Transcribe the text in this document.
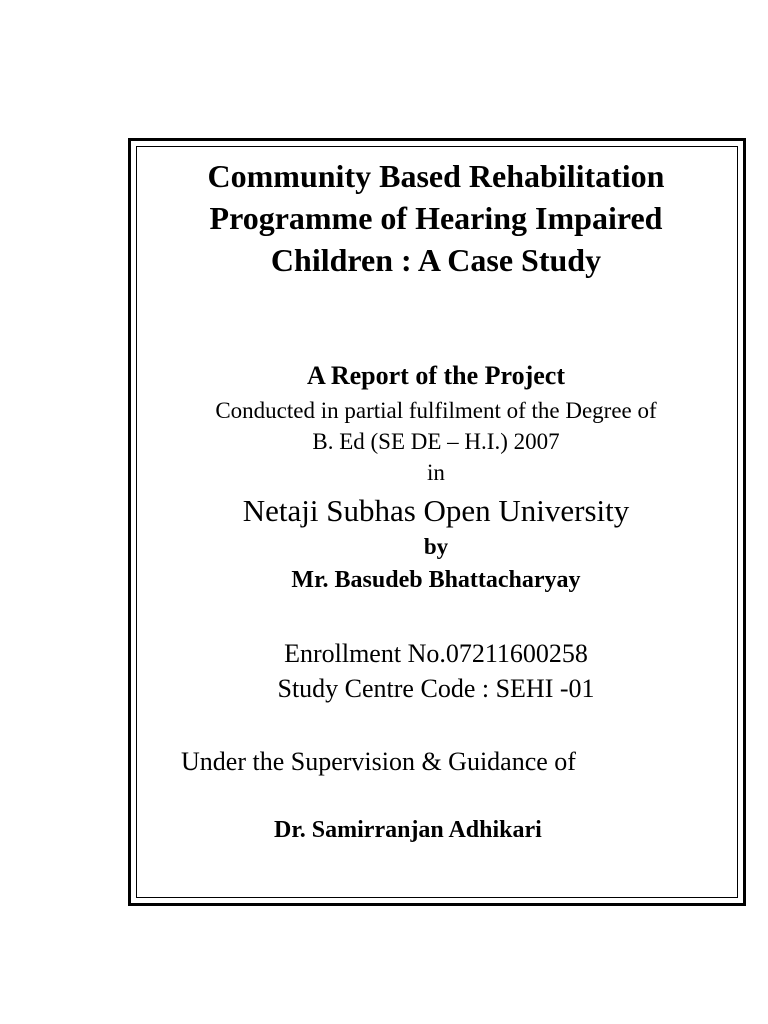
Community Based Rehabilitation
Programme of Hearing Impaired
Children : A Case Study

A Report of the Project

Conducted in partial fulfilment of the Degree of

B. Ed (SE DE – H.I.) 2007

in

Netaji Subhas Open University

by

Mr. Basudeb Bhattacharyay

Enrollment No.07211600258

Study Centre Code : SEHI -01

Under the Supervision & Guidance of

Dr. Samirranjan Adhikari
